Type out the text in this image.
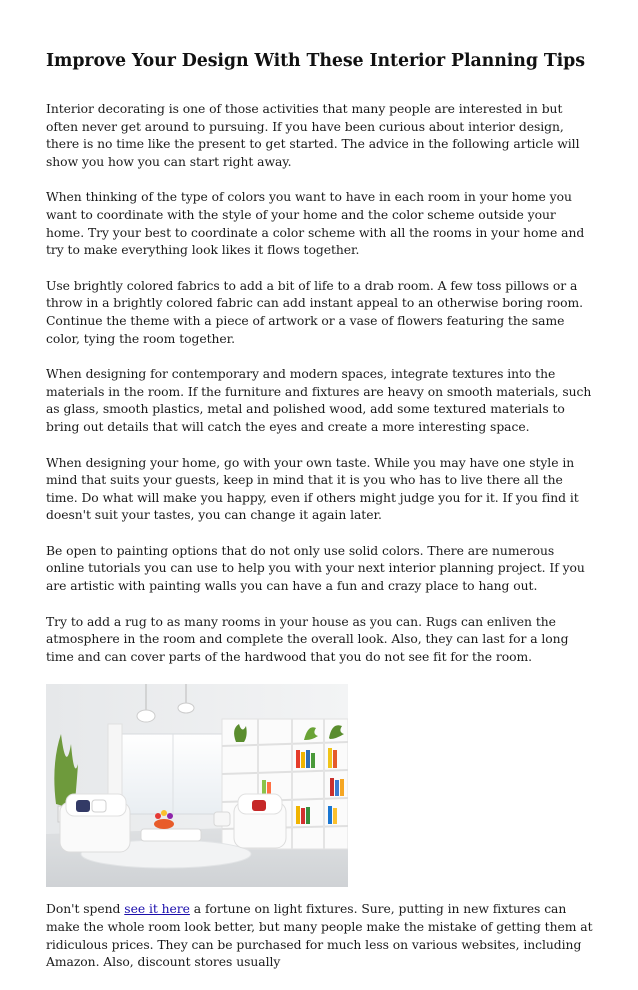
Improve Your Design With These Interior Planning Tips

Interior decorating is one of those activities that many people are interested in but often never get around to pursuing. If you have been curious about interior design, there is no time like the present to get started. The advice in the following article will show you how you can start right away.

When thinking of the type of colors you want to have in each room in your home you want to coordinate with the style of your home and the color scheme outside your home. Try your best to coordinate a color scheme with all the rooms in your home and try to make everything look likes it flows together.

Use brightly colored fabrics to add a bit of life to a drab room. A few toss pillows or a throw in a brightly colored fabric can add instant appeal to an otherwise boring room. Continue the theme with a piece of artwork or a vase of flowers featuring the same color, tying the room together.

When designing for contemporary and modern spaces, integrate textures into the materials in the room. If the furniture and fixtures are heavy on smooth materials, such as glass, smooth plastics, metal and polished wood, add some textured materials to bring out details that will catch the eyes and create a more interesting space.

When designing your home, go with your own taste. While you may have one style in mind that suits your guests, keep in mind that it is you who has to live there all the time. Do what will make you happy, even if others might judge you for it. If you find it doesn't suit your tastes, you can change it again later.

Be open to painting options that do not only use solid colors. There are numerous online tutorials you can use to help you with your next interior planning project. If you are artistic with painting walls you can have a fun and crazy place to hang out.

Try to add a rug to as many rooms in your house as you can. Rugs can enliven the atmosphere in the room and complete the overall look. Also, they can last for a long time and can cover parts of the hardwood that you do not see fit for the room.

Don't spend see it here a fortune on light fixtures. Sure, putting in new fixtures can make the whole room look better, but many people make the mistake of getting them at ridiculous prices. They can be purchased for much less on various websites, including Amazon. Also, discount stores usually
